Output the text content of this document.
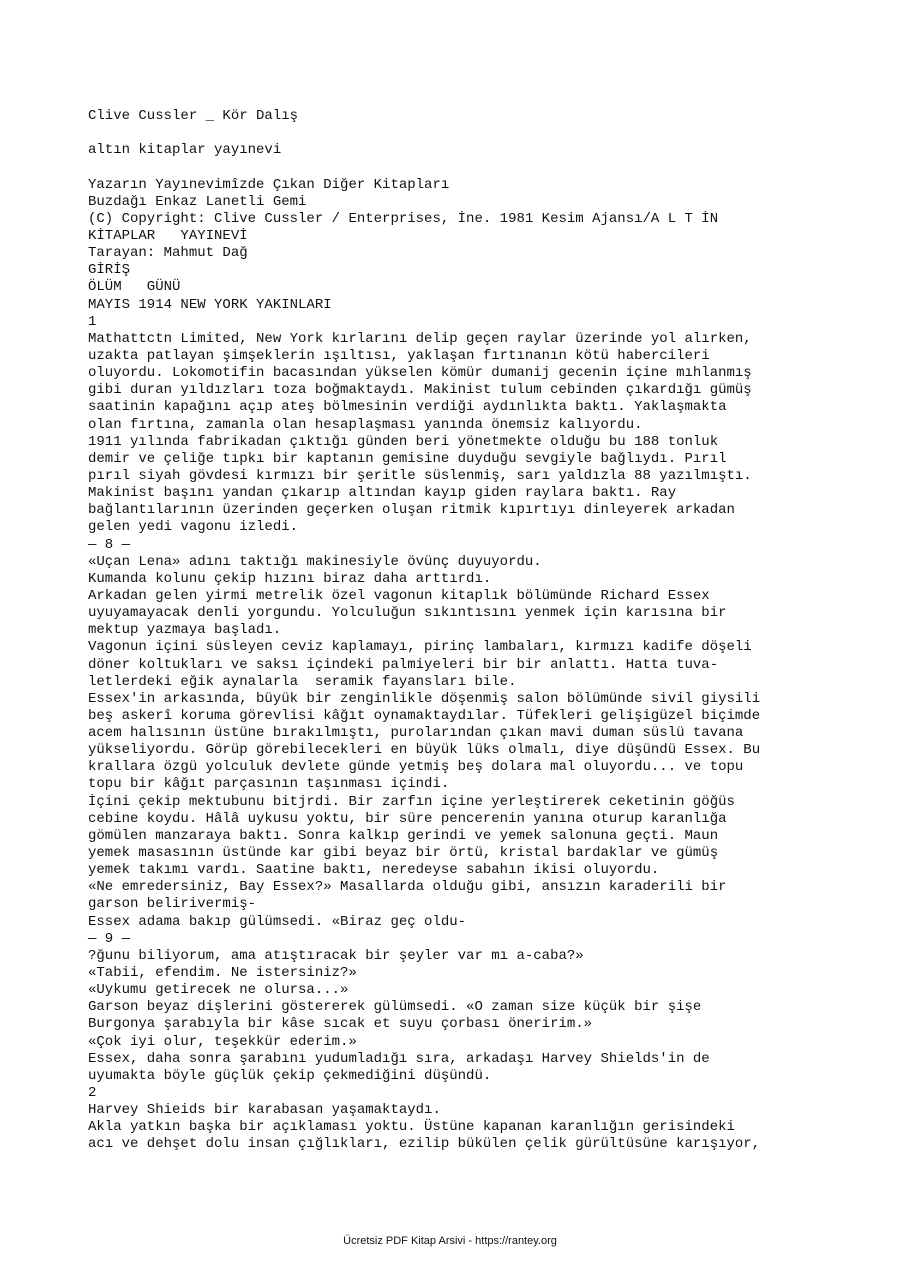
Clive Cussler _ Kör Dalış
altın kitaplar yayınevi
Yazarın Yayınevimîzde Çıkan Diğer Kitapları
Buzdağı Enkaz Lanetli Gemi
(C) Copyright: Clive Cussler / Enterprises, İne. 1981 Kesim Ajansı/A L T İN
KİTAPLAR   YAYINEVİ
Tarayan: Mahmut Dağ
GİRİŞ
ÖLÜM   GÜNÜ
MAYIS 1914 NEW YORK YAKINLARI
1
Mathattctn Limited, New York kırlarını delip geçen raylar üzerinde yol alırken,
uzakta patlayan şimşeklerin ışıltısı, yaklaşan fırtınanın kötü habercileri
oluyordu. Lokomotifin bacasından yükselen kömür dumanij gecenin içine mıhlanmış
gibi duran yıldızları toza boğmaktaydı. Makinist tulum cebinden çıkardığı gümüş
saatinin kapağını açıp ateş bölmesinin verdiği aydınlıkta baktı. Yaklaşmakta
olan fırtına, zamanla olan hesaplaşması yanında önemsiz kalıyordu.
1911 yılında fabrikadan çıktığı günden beri yönetmekte olduğu bu 188 tonluk
demir ve çeliğe tıpkı bir kaptanın gemisine duyduğu sevgiyle bağlıydı. Pırıl
pırıl siyah gövdesi kırmızı bir şeritle süslenmiş, sarı yaldızla 88 yazılmıştı.
Makinist başını yandan çıkarıp altından kayıp giden raylara baktı. Ray
bağlantılarının üzerinden geçerken oluşan ritmik kıpırtıyı dinleyerek arkadan
gelen yedi vagonu izledi.
— 8 —
«Uçan Lena» adını taktığı makinesiyle övünç duyuyordu.
Kumanda kolunu çekip hızını biraz daha arttırdı.
Arkadan gelen yirmi metrelik özel vagonun kitaplık bölümünde Richard Essex
uyuyamayacak denli yorgundu. Yolculuğun sıkıntısını yenmek için karısına bir
mektup yazmaya başladı.
Vagonun içini süsleyen ceviz kaplamayı, pirinç lambaları, kırmızı kadife döşeli
döner koltukları ve saksı içindeki palmiyeleri bir bir anlattı. Hatta tuva-
letlerdeki eğik aynalarla  seramik fayansları bile.
Essex'in arkasında, büyük bir zenginlikle döşenmiş salon bölümünde sivil giysili
beş askerî koruma görevlisi kâğıt oynamaktaydılar. Tüfekleri gelişigüzel biçimde
acem halısının üstüne bırakılmıştı, purolarından çıkan mavi duman süslü tavana
yükseliyordu. Görüp görebilecekleri en büyük lüks olmalı, diye düşündü Essex. Bu
krallara özgü yolculuk devlete günde yetmiş beş dolara mal oluyordu... ve topu
topu bir kâğıt parçasının taşınması içindi.
İçini çekip mektubunu bitjrdi. Bir zarfın içine yerleştirerek ceketinin göğüs
cebine koydu. Hâlâ uykusu yoktu, bir süre pencerenin yanına oturup karanlığa
gömülen manzaraya baktı. Sonra kalkıp gerindi ve yemek salonuna geçti. Maun
yemek masasının üstünde kar gibi beyaz bir örtü, kristal bardaklar ve gümüş
yemek takımı vardı. Saatine baktı, neredeyse sabahın ikisi oluyordu.
«Ne emredersiniz, Bay Essex?» Masallarda olduğu gibi, ansızın karaderili bir
garson belirivermiş-
Essex adama bakıp gülümsedi. «Biraz geç oldu-
— 9 —
?ğunu biliyorum, ama atıştıracak bir şeyler var mı a-caba?»
«Tabii, efendim. Ne istersiniz?»
«Uykumu getirecek ne olursa...»
Garson beyaz dişlerini göstererek gülümsedi. «O zaman size küçük bir şişe
Burgonya şarabıyla bir kâse sıcak et suyu çorbası öneririm.»
«Çok iyi olur, teşekkür ederim.»
Essex, daha sonra şarabını yudumladığı sıra, arkadaşı Harvey Shields'in de
uyumakta böyle güçlük çekip çekmediğini düşündü.
2
Harvey Shieids bir karabasan yaşamaktaydı.
Akla yatkın başka bir açıklaması yoktu. Üstüne kapanan karanlığın gerisindeki
acı ve dehşet dolu insan çığlıkları, ezilip bükülen çelik gürültüsüne karışıyor,
Ücretsiz PDF Kitap Arsivi - https://rantey.org
